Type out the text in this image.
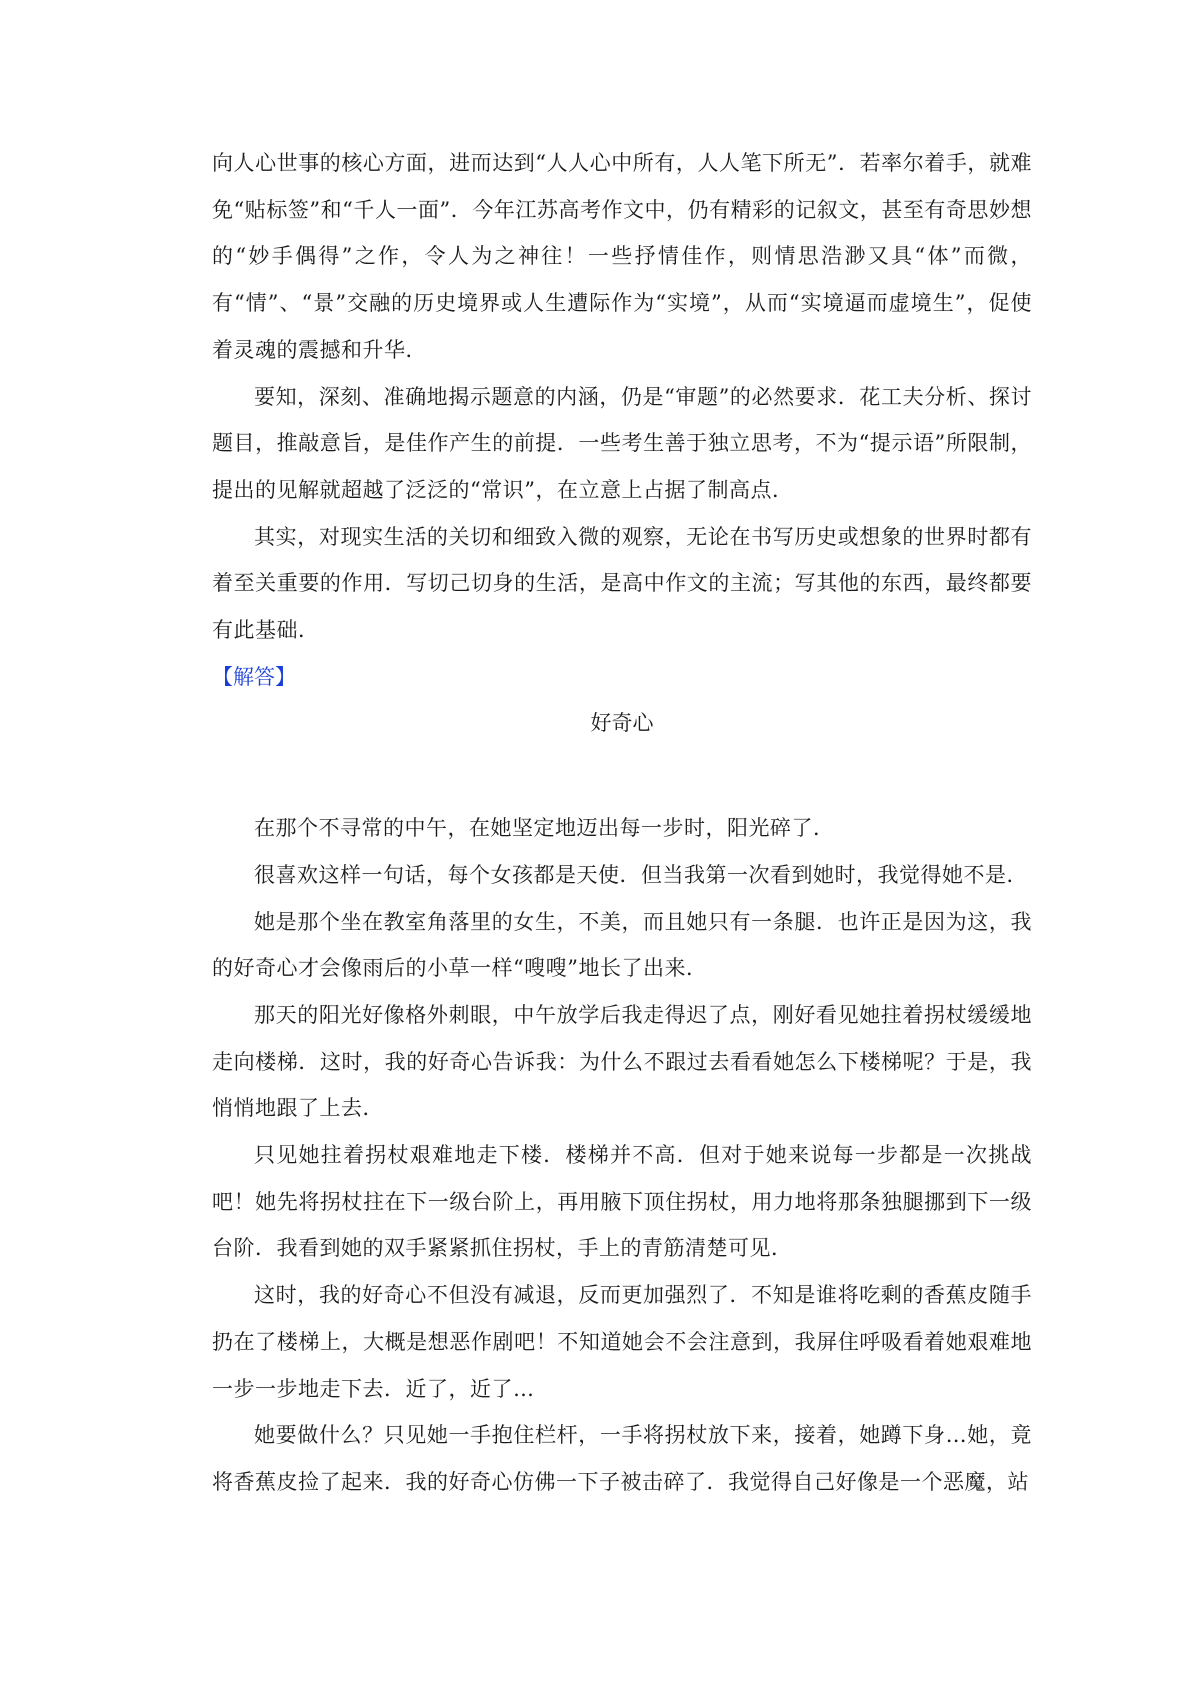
向人心世事的核心方面，进而达到“人人心中所有，人人笔下所无”．若率尔着手，就难免“贴标签”和“千人一面”．今年江苏高考作文中，仍有精彩的记叙文，甚至有奇思妙想的“妙手偶得”之作，令人为之神往！一些抒情佳作，则情思浩渺又具“体”而微，有“情”、“景”交融的历史境界或人生遭际作为“实境”，从而“实境逼而虚境生”，促使着灵魂的震撼和升华．

要知，深刻、准确地揭示题意的内涵，仍是“审题”的必然要求．花工夫分析、探讨题目，推敲意旨，是佳作产生的前提．一些考生善于独立思考，不为“提示语”所限制，提出的见解就超越了泛泛的“常识”，在立意上占据了制高点．

其实，对现实生活的关切和细致入微的观察，无论在书写历史或想象的世界时都有着至关重要的作用．写切己切身的生活，是高中作文的主流；写其他的东西，最终都要有此基础．

【解答】

好奇心

在那个不寻常的中午，在她坚定地迈出每一步时，阳光碎了．

很喜欢这样一句话，每个女孩都是天使．但当我第一次看到她时，我觉得她不是．

她是那个坐在教室角落里的女生，不美，而且她只有一条腿．也许正是因为这，我的好奇心才会像雨后的小草一样“嗖嗖”地长了出来．

那天的阳光好像格外刺眼，中午放学后我走得迟了点，刚好看见她拄着拐杖缓缓地走向楼梯．这时，我的好奇心告诉我：为什么不跟过去看看她怎么下楼梯呢？于是，我悄悄地跟了上去．

只见她拄着拐杖艰难地走下楼．楼梯并不高．但对于她来说每一步都是一次挑战吧！她先将拐杖拄在下一级台阶上，再用腋下顶住拐杖，用力地将那条独腿挪到下一级台阶．我看到她的双手紧紧抓住拐杖，手上的青筋清楚可见．

这时，我的好奇心不但没有减退，反而更加强烈了．不知是谁将吃剩的香蕉皮随手扔在了楼梯上，大概是想恶作剧吧！不知道她会不会注意到，我屏住呼吸看着她艰难地一步一步地走下去．近了，近了…

她要做什么？只见她一手抱住栏杆，一手将拐杖放下来，接着，她蹲下身…她，竟将香蕉皮捡了起来．我的好奇心仿佛一下子被击碎了．我觉得自己好像是一个恶魔，站
